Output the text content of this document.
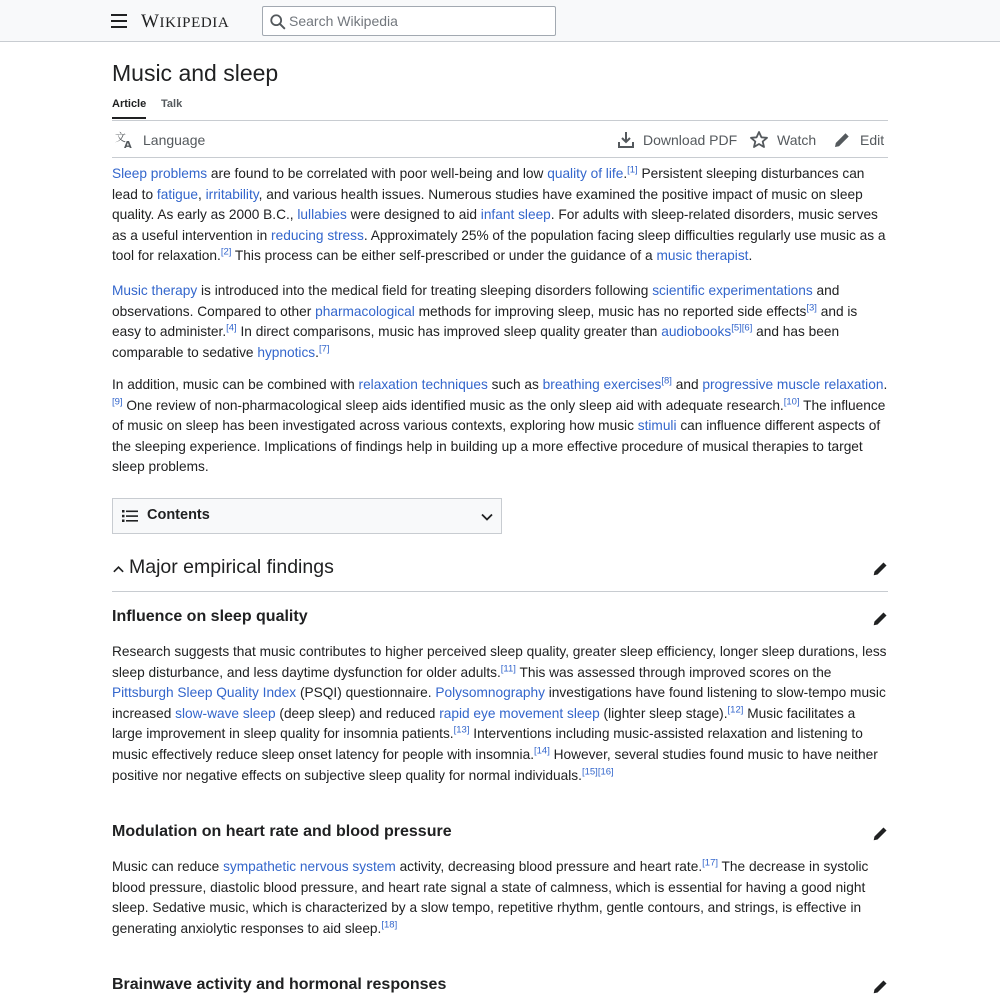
WIKIPEDIA
Search Wikipedia
Music and sleep
Article Talk
文
A Language	Download PDF	Watch	Edit

Sleep problems are found to be correlated with poor well-being and low quality of life.[1] Persistent sleeping disturbances can lead to fatigue, irritability, and various health issues. Numerous studies have examined the positive impact of music on sleep quality. As early as 2000 B.C., lullabies were designed to aid infant sleep. For adults with sleep-related disorders, music serves as a useful intervention in reducing stress. Approximately 25% of the population facing sleep difficulties regularly use music as a tool for relaxation.[2] This process can be either self-prescribed or under the guidance of a music therapist.

Music therapy is introduced into the medical field for treating sleeping disorders following scientific experimentations and observations. Compared to other pharmacological methods for improving sleep, music has no reported side effects[3] and is easy to administer.[4] In direct comparisons, music has improved sleep quality greater than audiobooks[5][6] and has been comparable to sedative hypnotics.[7]

In addition, music can be combined with relaxation techniques such as breathing exercises[8] and progressive muscle relaxation.[9] One review of non-pharmacological sleep aids identified music as the only sleep aid with adequate research.[10] The influence of music on sleep has been investigated across various contexts, exploring how music stimuli can influence different aspects of the sleeping experience. Implications of findings help in building up a more effective procedure of musical therapies to target sleep problems.

Contents
Major empirical findings
Influence on sleep quality

Research suggests that music contributes to higher perceived sleep quality, greater sleep efficiency, longer sleep durations, less sleep disturbance, and less daytime dysfunction for older adults.[11] This was assessed through improved scores on the Pittsburgh Sleep Quality Index (PSQI) questionnaire. Polysomnography investigations have found listening to slow-tempo music increased slow-wave sleep (deep sleep) and reduced rapid eye movement sleep (lighter sleep stage).[12] Music facilitates a large improvement in sleep quality for insomnia patients.[13] Interventions including music-assisted relaxation and listening to music effectively reduce sleep onset latency for people with insomnia.[14] However, several studies found music to have neither positive nor negative effects on subjective sleep quality for normal individuals.[15][16]

Modulation on heart rate and blood pressure

Music can reduce sympathetic nervous system activity, decreasing blood pressure and heart rate.[17] The decrease in systolic blood pressure, diastolic blood pressure, and heart rate signal a state of calmness, which is essential for having a good night sleep. Sedative music, which is characterized by a slow tempo, repetitive rhythm, gentle contours, and strings, is effective in generating anxiolytic responses to aid sleep.[18]

Brainwave activity and hormonal responses
